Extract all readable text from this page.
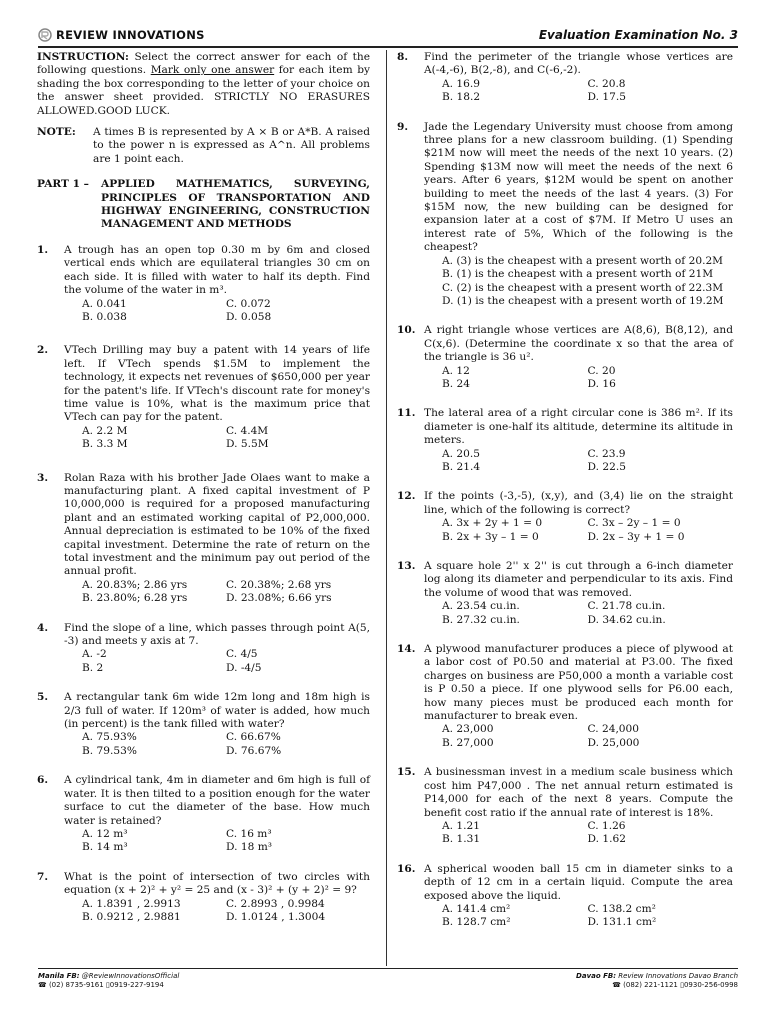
REVIEW INNOVATIONS	Evaluation Examination No. 3
INSTRUCTION: Select the correct answer for each of the following questions. Mark only one answer for each item by shading the box corresponding to the letter of your choice on the answer sheet provided. STRICTLY NO ERASURES ALLOWED.GOOD LUCK.
NOTE:	A times B is represented by A × B or A*B. A raised to the power n is expressed as A^n. All problems are 1 point each.
PART 1 –	APPLIED MATHEMATICS, SURVEYING, PRINCIPLES OF TRANSPORTATION AND HIGHWAY ENGINEERING, CONSTRUCTION MANAGEMENT AND METHODS
1.	A trough has an open top 0.30 m by 6m and closed vertical ends which are equilateral triangles 30 cm on each side. It is filled with water to half its depth. Find the volume of the water in m³.
A. 0.041	C. 0.072
B. 0.038	D. 0.058
2.	VTech Drilling may buy a patent with 14 years of life left. If VTech spends $1.5M to implement the technology, it expects net revenues of $650,000 per year for the patent's life. If VTech's discount rate for money's time value is 10%, what is the maximum price that VTech can pay for the patent.
A. 2.2 M	C. 4.4M
B. 3.3 M	D. 5.5M
3.	Rolan Raza with his brother Jade Olaes want to make a manufacturing plant. A fixed capital investment of P 10,000,000 is required for a proposed manufacturing plant and an estimated working capital of P2,000,000. Annual depreciation is estimated to be 10% of the fixed capital investment. Determine the rate of return on the total investment and the minimum pay out period of the annual profit.
A. 20.83%; 2.86 yrs	C. 20.38%; 2.68 yrs
B. 23.80%; 6.28 yrs	D. 23.08%; 6.66 yrs
4.	Find the slope of a line, which passes through point A(5, -3) and meets y axis at 7.
A. -2	C. 4/5
B. 2	D. -4/5
5.	A rectangular tank 6m wide 12m long and 18m high is 2/3 full of water. If 120m³ of water is added, how much (in percent) is the tank filled with water?
A. 75.93%	C. 66.67%
B. 79.53%	D. 76.67%
6.	A cylindrical tank, 4m in diameter and 6m high is full of water. It is then tilted to a position enough for the water surface to cut the diameter of the base. How much water is retained?
A. 12 m³	C. 16 m³
B. 14 m³	D. 18 m³
7.	What is the point of intersection of two circles with equation (x + 2)² + y² = 25 and (x - 3)² + (y + 2)² = 9?
A. 1.8391 , 2.9913	C. 2.8993 , 0.9984
B. 0.9212 , 2.9881	D. 1.0124 , 1.3004
8.	Find the perimeter of the triangle whose vertices are A(-4,-6), B(2,-8), and C(-6,-2).
A. 16.9	C. 20.8
B. 18.2	D. 17.5
9.	Jade the Legendary University must choose from among three plans for a new classroom building. (1) Spending $21M now will meet the needs of the next 10 years. (2) Spending $13M now will meet the needs of the next 6 years. After 6 years, $12M would be spent on another building to meet the needs of the last 4 years. (3) For $15M now, the new building can be designed for expansion later at a cost of $7M. If Metro U uses an interest rate of 5%, Which of the following is the cheapest?
A. (3) is the cheapest with a present worth of 20.2M
B. (1) is the cheapest with a present worth of 21M
C. (2) is the cheapest with a present worth of 22.3M
D. (1) is the cheapest with a present worth of 19.2M
10. A right triangle whose vertices are A(8,6), B(8,12), and C(x,6). (Determine the coordinate x so that the area of the triangle is 36 u².
A. 12	C. 20
B. 24	D. 16
11. The lateral area of a right circular cone is 386 m². If its diameter is one-half its altitude, determine its altitude in meters.
A. 20.5	C. 23.9
B. 21.4	D. 22.5
12. If the points (-3,-5), (x,y), and (3,4) lie on the straight line, which of the following is correct?
A. 3x + 2y + 1 = 0	C. 3x – 2y – 1 = 0
B. 2x + 3y – 1 = 0	D. 2x – 3y + 1 = 0
13. A square hole 2'' x 2'' is cut through a 6-inch diameter log along its diameter and perpendicular to its axis. Find the volume of wood that was removed.
A. 23.54 cu.in.	C. 21.78 cu.in.
B. 27.32 cu.in.	D. 34.62 cu.in.
14. A plywood manufacturer produces a piece of plywood at a labor cost of P0.50 and material at P3.00. The fixed charges on business are P50,000 a month a variable cost is P 0.50 a piece. If one plywood sells for P6.00 each, how many pieces must be produced each month for manufacturer to break even.
A. 23,000	C. 24,000
B. 27,000	D. 25,000
15. A businessman invest in a medium scale business which cost him P47,000 . The net annual return estimated is P14,000 for each of the next 8 years. Compute the benefit cost ratio if the annual rate of interest is 18%.
A. 1.21	C. 1.26
B. 1.31	D. 1.62
16. A spherical wooden ball 15 cm in diameter sinks to a depth of 12 cm in a certain liquid. Compute the area exposed above the liquid.
A. 141.4 cm²	C. 138.2 cm²
B. 128.7 cm²	D. 131.1 cm²
Manila FB: @ReviewInnovationsOfficial
☎ (02) 8735-9161 ▯0919-227-9194
Davao FB: Review Innovations Davao Branch
☎ (082) 221-1121 ▯0930-256-0998
